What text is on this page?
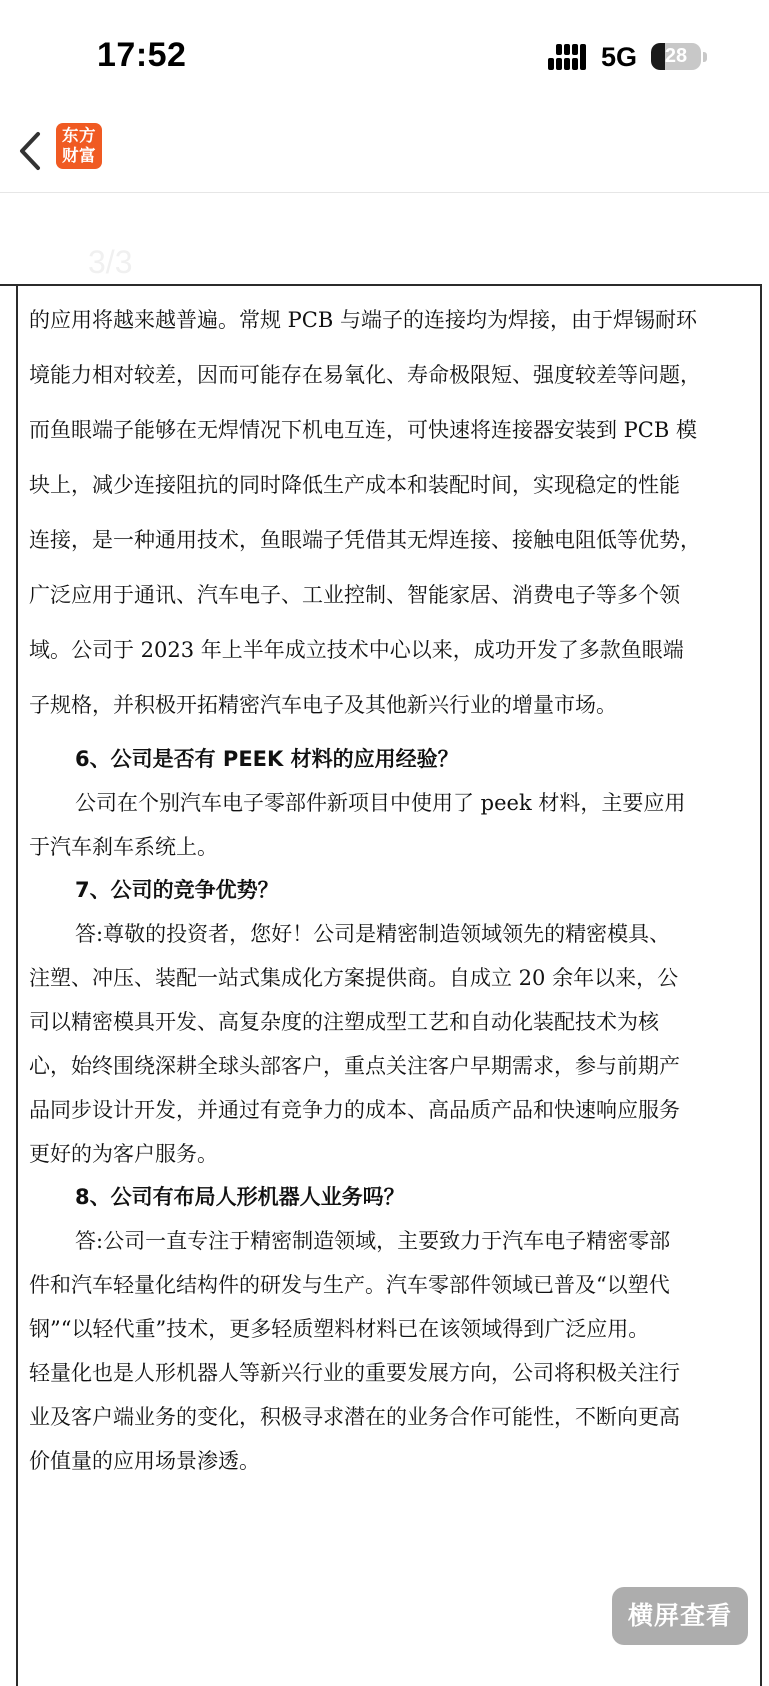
17:52	5G	28
东方
财富
3/3
的应用将越来越普遍。常规 PCB 与端子的连接均为焊接，由于焊锡耐环
境能力相对较差，因而可能存在易氧化、寿命极限短、强度较差等问题，
而鱼眼端子能够在无焊情况下机电互连，可快速将连接器安装到 PCB 模
块上，减少连接阻抗的同时降低生产成本和装配时间，实现稳定的性能
连接，是一种通用技术，鱼眼端子凭借其无焊连接、接触电阻低等优势，
广泛应用于通讯、汽车电子、工业控制、智能家居、消费电子等多个领
域。公司于 2023 年上半年成立技术中心以来，成功开发了多款鱼眼端
子规格，并积极开拓精密汽车电子及其他新兴行业的增量市场。
6、公司是否有 PEEK 材料的应用经验？
公司在个别汽车电子零部件新项目中使用了 peek 材料，主要应用
于汽车刹车系统上。
7、公司的竞争优势？
答:尊敬的投资者，您好！公司是精密制造领域领先的精密模具、
注塑、冲压、装配一站式集成化方案提供商。自成立 20 余年以来，公
司以精密模具开发、高复杂度的注塑成型工艺和自动化装配技术为核
心，始终围绕深耕全球头部客户，重点关注客户早期需求，参与前期产
品同步设计开发，并通过有竞争力的成本、高品质产品和快速响应服务
更好的为客户服务。
8、公司有布局人形机器人业务吗？
答:公司一直专注于精密制造领域，主要致力于汽车电子精密零部
件和汽车轻量化结构件的研发与生产。汽车零部件领域已普及“以塑代
钢”“以轻代重”技术，更多轻质塑料材料已在该领域得到广泛应用。
轻量化也是人形机器人等新兴行业的重要发展方向，公司将积极关注行
业及客户端业务的变化，积极寻求潜在的业务合作可能性，不断向更高
价值量的应用场景渗透。
横屏查看
